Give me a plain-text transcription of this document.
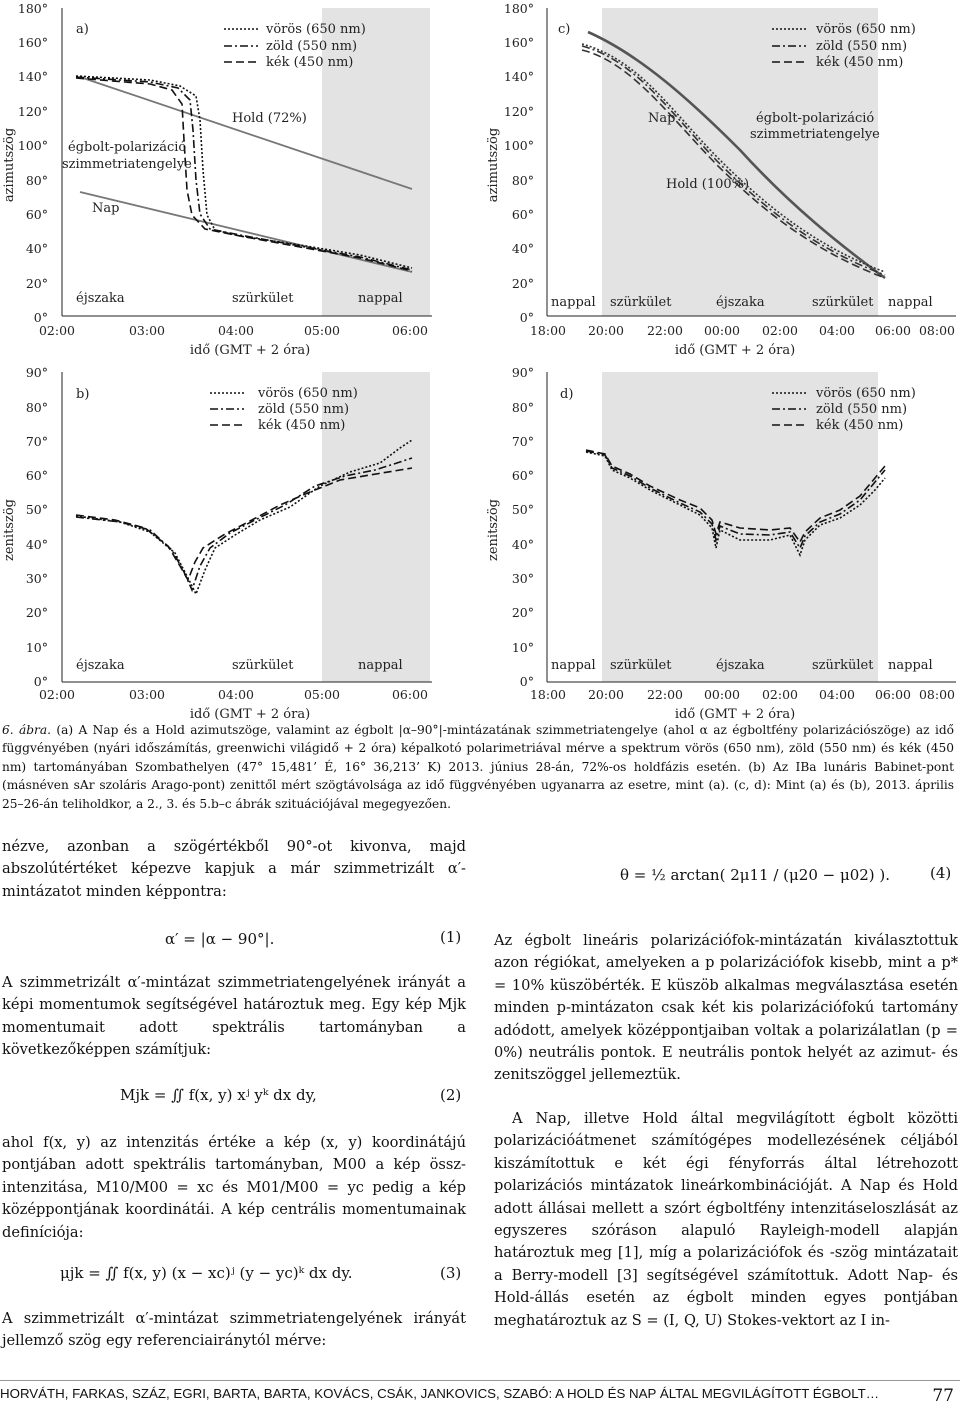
180°
160°
140°
120°
100°
80°
60°
40°
20°
0°
02:00	03:00	04:00	05:00	06:00
idő (GMT + 2 óra)
azimutszög
a)
éjszaka	szürkület	nappal
Hold (72%)
égbolt-polarizáció
szimmetriatengelye
Nap
vörös (650 nm)
zöld (550 nm)
kék (450 nm)
90°
80°
70°
60°
50°
40°
30°
20°
10°
0°
02:00	03:00	04:00	05:00	06:00
idő (GMT + 2 óra)
zenitszög
b)
éjszaka	szürkület	nappal
vörös (650 nm)
zöld (550 nm)
kék (450 nm)
180°
160°
140°
120°
100°
80°
60°
40°
20°
0°
18:00 20:00 22:00 00:00 02:00 04:00 06:00 08:00
idő (GMT + 2 óra)
azimutszög
c)
nappal szürkület	éjszaka	szürkület nappal
Nap
Hold (100%)
égbolt-polarizáció
szimmetriatengelye
vörös (650 nm)
zöld (550 nm)
kék (450 nm)
90°
80°
70°
60°
50°
40°
30°
20°
10°
0°
18:00 20:00 22:00 00:00 02:00 04:00 06:00 08:00
idő (GMT + 2 óra)
zenitszög
d)
nappal szürkület	éjszaka	szürkület nappal
vörös (650 nm)
zöld (550 nm)
kék (450 nm)
6. ábra. (a) A Nap és a Hold azimutszöge, valamint az égbolt |α–90°|-mintázatának szimmetriatengelye (ahol α az égboltfény polarizációszöge) az idő függvényében (nyári időszámítás, greenwichi világidő + 2 óra) képalkotó polarimetriával mérve a spektrum vörös (650 nm), zöld (550 nm) és kék (450 nm) tartományában Szombathelyen (47° 15,481’ É, 16° 36,213’ K) 2013. június 28-án, 72%-os holdfázis esetén. (b) Az IBa lunáris Babinet-pont (másnéven sAr szoláris Arago-pont) zenittől mért szögtávolsága az idő függvényében ugyanarra az esetre, mint (a). (c, d): Mint (a) és (b), 2013. április 25–26-án teliholdkor, a 2., 3. és 5.b–c ábrák szituációjával megegyezően.

nézve, azonban a szögértékből 90°-ot kivonva, majd abszolútértéket képezve kapjuk a már szimmetrizált α′-mintázatot minden képpontra:

α′ = |α − 90°|.	(1)

A szimmetrizált α′-mintázat szimmetriatengelyének irányát a képi momentumok segítségével határoztuk meg. Egy kép Mjk momentumait adott spektrális tartományban a következőképpen számítjuk:

Mjk = ∬ f(x, y) xʲ yᵏ dx dy,	(2)

ahol f(x, y) az intenzitás értéke a kép (x, y) koordinátájú pontjában adott spektrális tartományban, M00 a kép össz-intenzitása, M10/M00 = xc és M01/M00 = yc pedig a kép középpontjának koordinátái. A kép centrális momentumainak definíciója:

μjk = ∬ f(x, y) (x − xc)ʲ (y − yc)ᵏ dx dy.	(3)

A szimmetrizált α′-mintázat szimmetriatengelyének irányát jellemző szög egy referenciairánytól mérve:

θ = ½ arctan( 2μ11 / (μ20 − μ02) ).	(4)

Az égbolt lineáris polarizációfok-mintázatán kiválasztottuk azon régiókat, amelyeken a p polarizációfok kisebb, mint a p* = 10% küszöbérték. E küszöb alkalmas megválasztása esetén minden p-mintázaton csak két kis polarizációfokú tartomány adódott, amelyek középpontjaiban voltak a polarizálatlan (p = 0%) neutrális pontok. E neutrális pontok helyét az azimut- és zenitszöggel jellemeztük.

A Nap, illetve Hold által megvilágított égbolt közötti polarizációátmenet számítógépes modellezésének céljából kiszámítottuk e két égi fényforrás által létrehozott polarizációs mintázatok lineárkombinációját. A Nap és Hold adott állásai mellett a szórt égboltfény intenzitáseloszlását az egyszeres szóráson alapuló Rayleigh-modell alapján határoztuk meg [1], míg a polarizációfok és -szög mintázatait a Berry-modell [3] segítségével számítottuk. Adott Nap- és Hold-állás esetén az égbolt minden egyes pontjában meghatároztuk az S = (I, Q, U) Stokes-vektort az I in-

HORVÁTH, FARKAS, SZÁZ, EGRI, BARTA, BARTA, KOVÁCS, CSÁK, JANKOVICS, SZABÓ: A HOLD ÉS NAP ÁLTAL MEGVILÁGÍTOTT ÉGBOLT…	77
